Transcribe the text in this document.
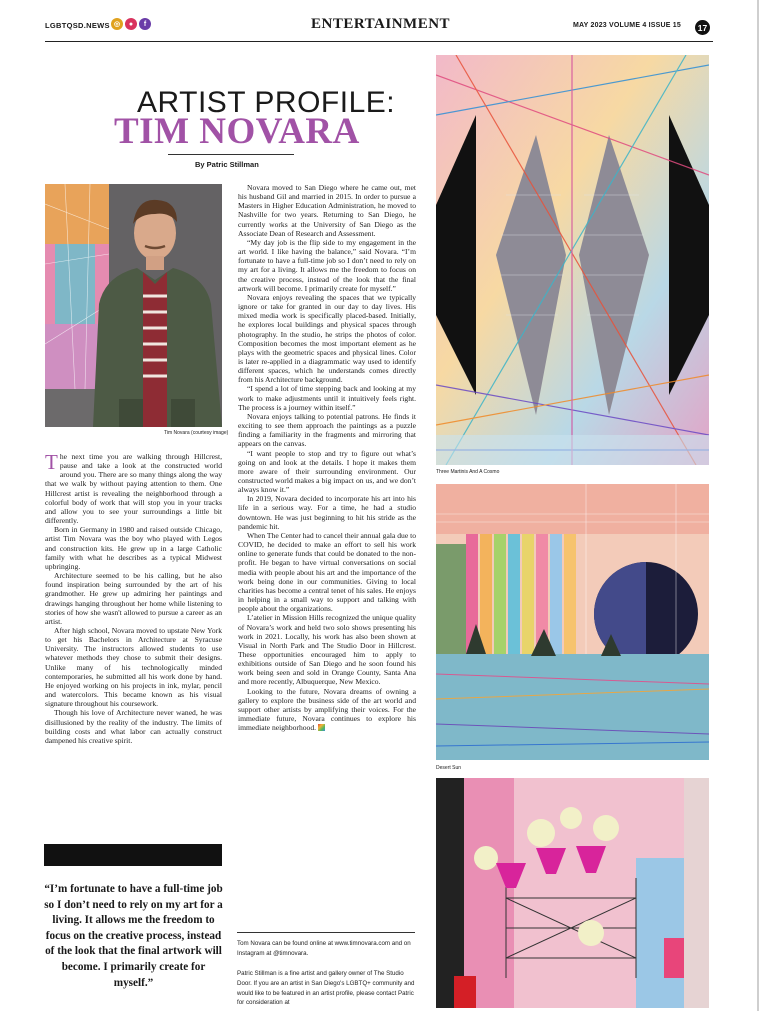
LGBTQSD.NEWS ◎	●	f	ENTERTAINMENT	MAY 2023 VOLUME 4 ISSUE 15	17
ARTIST PROFILE:
TIM NOVARA
By Patric Stillman
Tim Novara (courtesy image)

The next time you are walking through Hillcrest, pause and take a look at the constructed world around you. There are so many things along the way that we walk by without paying attention to them. One Hillcrest artist is revealing the neighborhood through a colorful body of work that will stop you in your tracks and allow you to see your surroundings a little bit differently.

Born in Germany in 1980 and raised outside Chicago, artist Tim Novara was the boy who played with Legos and construction kits. He grew up in a large Catholic family with what he describes as a typical Midwest upbringing.

Architecture seemed to be his calling, but he also found inspiration being surrounded by the art of his grandmother. He grew up admiring her paintings and drawings hanging throughout her home while listening to stories of how she wasn't allowed to pursue a career as an artist.

After high school, Novara moved to upstate New York to get his Bachelors in Architecture at Syracuse University. The instructors allowed students to use whatever methods they chose to submit their designs. Unlike many of his technologically minded contemporaries, he submitted all his work done by hand. He enjoyed working on his projects in ink, mylar, pencil and watercolors. This became known as his visual signature throughout his coursework.

Though his love of Architecture never waned, he was disillusioned by the reality of the industry. The limits of building costs and what labor can actually construct dampened his creative spirit.

“I’m fortunate to have a full-time job so I don’t need to rely on my art for a living. It allows me the freedom to focus on the creative process, instead of the look that the final artwork will become. I primarily create for myself.”

Novara moved to San Diego where he came out, met his husband Gil and married in 2015. In order to pursue a Masters in Higher Education Administration, he moved to Nashville for two years. Returning to San Diego, he currently works at the University of San Diego as the Associate Dean of Research and Assessment.

“My day job is the flip side to my engagement in the art world. I like having the balance,” said Novara. “I’m fortunate to have a full-time job so I don’t need to rely on my art for a living. It allows me the freedom to focus on the creative process, instead of the look that the final artwork will become. I primarily create for myself.”

Novara enjoys revealing the spaces that we typically ignore or take for granted in our day to day lives. His mixed media work is specifically placed-based. Initially, he explores local buildings and physical spaces through photography. In the studio, he strips the photos of color. Composition becomes the most important element as he plays with the geometric spaces and physical lines. Color is later re-applied in a diagrammatic way used to identify different spaces, which he understands comes directly from his Architecture background.

“I spend a lot of time stepping back and looking at my work to make adjustments until it intuitively feels right. The process is a journey within itself.”

Novara enjoys talking to potential patrons. He finds it exciting to see them approach the paintings as a puzzle finding a familiarity in the fragments and mirroring that appears on the canvas.

“I want people to stop and try to figure out what’s going on and look at the details. I hope it makes them more aware of their surrounding environment. Our constructed world makes a big impact on us, and we don’t always know it.”

In 2019, Novara decided to incorporate his art into his life in a serious way. For a time, he had a studio downtown. He was just beginning to hit his stride as the pandemic hit.

When The Center had to cancel their annual gala due to COVID, he decided to make an effort to sell his work online to generate funds that could be donated to the non-profit. He began to have virtual conversations on social media with people about his art and the importance of the work being done in our communities. Giving to local charities has become a central tenet of his sales. He enjoys in helping in a small way to support and talking with people about the organizations.

L’atelier in Mission Hills recognized the unique quality of Novara’s work and held two solo shows presenting his work in 2021. Locally, his work has also been shown at Visual in North Park and The Studio Door in Hillcrest. These opportunities encouraged him to apply to exhibitions outside of San Diego and he soon found his work being seen and sold in Orange County, Santa Ana and more recently, Albuquerque, New Mexico.

Looking to the future, Novara dreams of owning a gallery to explore the business side of the art world and support other artists by amplifying their voices. For the immediate future, Novara continues to explore his immediate neighborhood.

Tom Novara can be found online at www.timnovara.com and on Instagram at @timnovara.
Patric Stillman is a fine artist and gallery owner of The Studio Door. If you are an artist in San Diego's LGBTQ+ community and would like to be featured in an artist profile, please contact Patric for consideration at
Three Martinis And A Cosmo
Desert Sun
